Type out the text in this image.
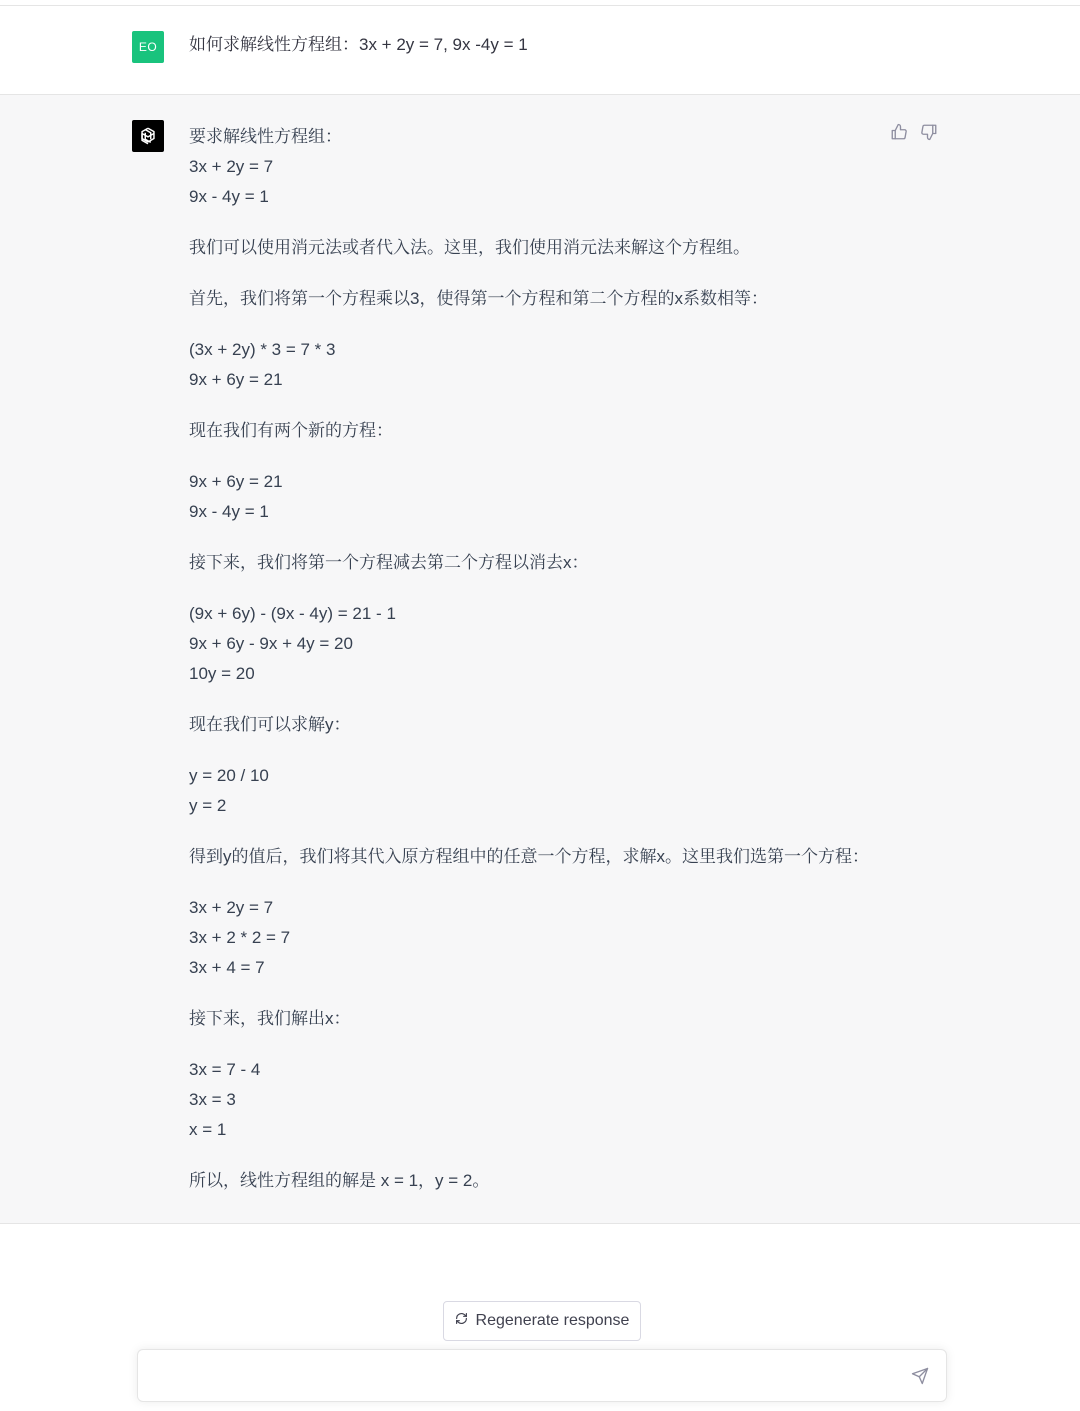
EO	如何求解线性方程组：3x + 2y = 7, 9x -4y = 1
要求解线性方程组：
3x + 2y = 7
9x - 4y = 1
我们可以使用消元法或者代入法。这里，我们使用消元法来解这个方程组。
首先，我们将第一个方程乘以3，使得第一个方程和第二个方程的x系数相等：
(3x + 2y) * 3 = 7 * 3
9x + 6y = 21
现在我们有两个新的方程：
9x + 6y = 21
9x - 4y = 1
接下来，我们将第一个方程减去第二个方程以消去x：
(9x + 6y) - (9x - 4y) = 21 - 1
9x + 6y - 9x + 4y = 20
10y = 20
现在我们可以求解y：
y = 20 / 10
y = 2
得到y的值后，我们将其代入原方程组中的任意一个方程，求解x。这里我们选第一个方程：
3x + 2y = 7
3x + 2 * 2 = 7
3x + 4 = 7
接下来，我们解出x：
3x = 7 - 4
3x = 3
x = 1
所以，线性方程组的解是 x = 1，y = 2。
Regenerate response
